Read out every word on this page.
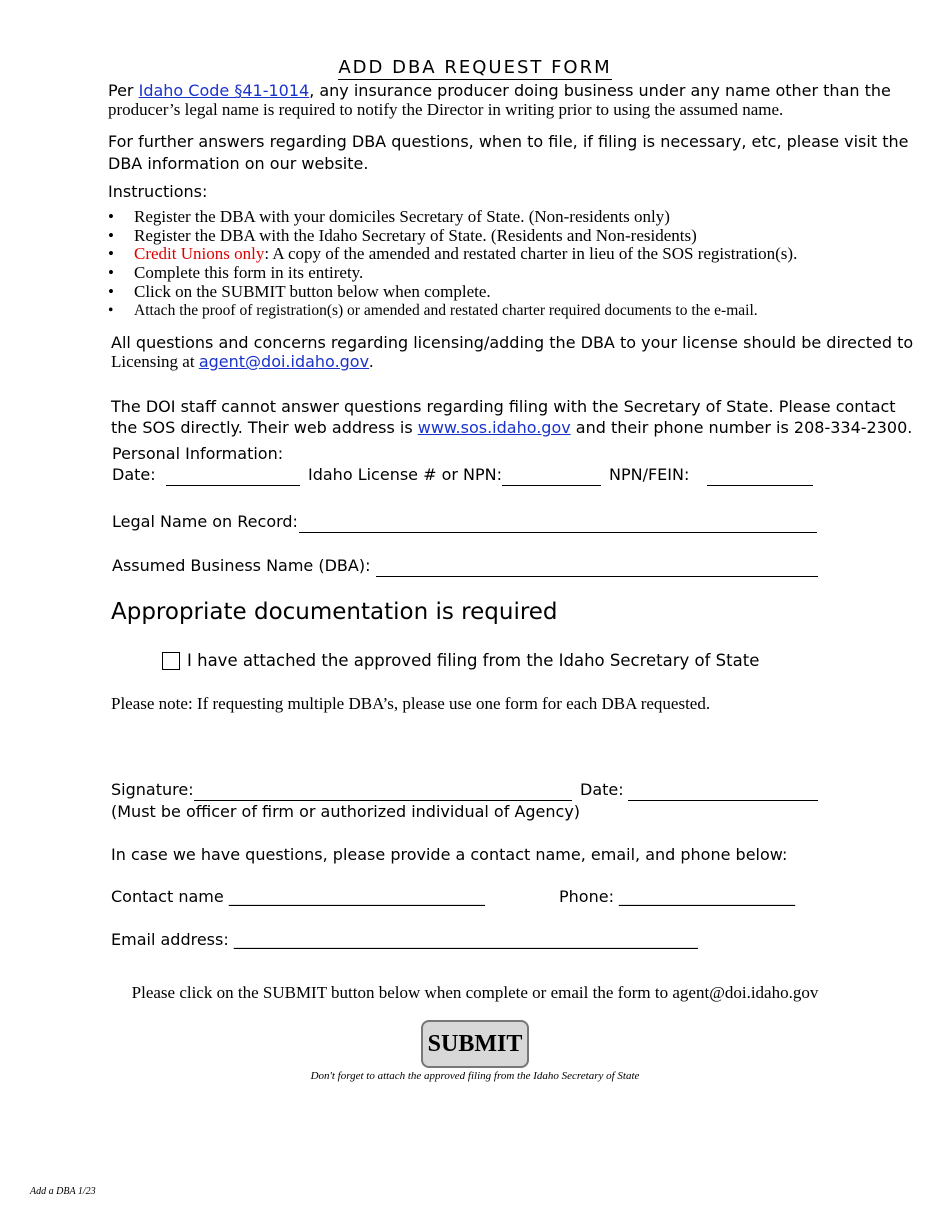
ADD DBA REQUEST FORM
Per Idaho Code §41-1014, any insurance producer doing business under any name other than the
producer’s legal name is required to notify the Director in writing prior to using the assumed name.
For further answers regarding DBA questions, when to file, if filing is necessary, etc, please visit the
DBA information on our website.
Instructions:
• Register the DBA with your domiciles Secretary of State. (Non-residents only)
• Register the DBA with the Idaho Secretary of State. (Residents and Non-residents)
• Credit Unions only: A copy of the amended and restated charter in lieu of the SOS registration(s).
• Complete this form in its entirety.
• Click on the SUBMIT button below when complete.
• Attach the proof of registration(s) or amended and restated charter required documents to the e-mail.
All questions and concerns regarding licensing/adding the DBA to your license should be directed to
Licensing at agent@doi.idaho.gov.
The DOI staff cannot answer questions regarding filing with the Secretary of State. Please contact
the SOS directly. Their web address is www.sos.idaho.gov and their phone number is 208-334-2300.
Personal Information:
Date:	Idaho License # or NPN:	NPN/FEIN:
Legal Name on Record:
Assumed Business Name (DBA):
Appropriate documentation is required
I have attached the approved filing from the Idaho Secretary of State
Please note: If requesting multiple DBA’s, please use one form for each DBA requested.
Signature:	Date:
(Must be officer of firm or authorized individual of Agency)
In case we have questions, please provide a contact name, email, and phone below:
Contact name ________________________________	Phone: ______________________
Email address: __________________________________________________________
Please click on the SUBMIT button below when complete or email the form to agent@doi.idaho.gov
SUBMIT
Don't forget to attach the approved filing from the Idaho Secretary of State
Add a DBA 1/23
